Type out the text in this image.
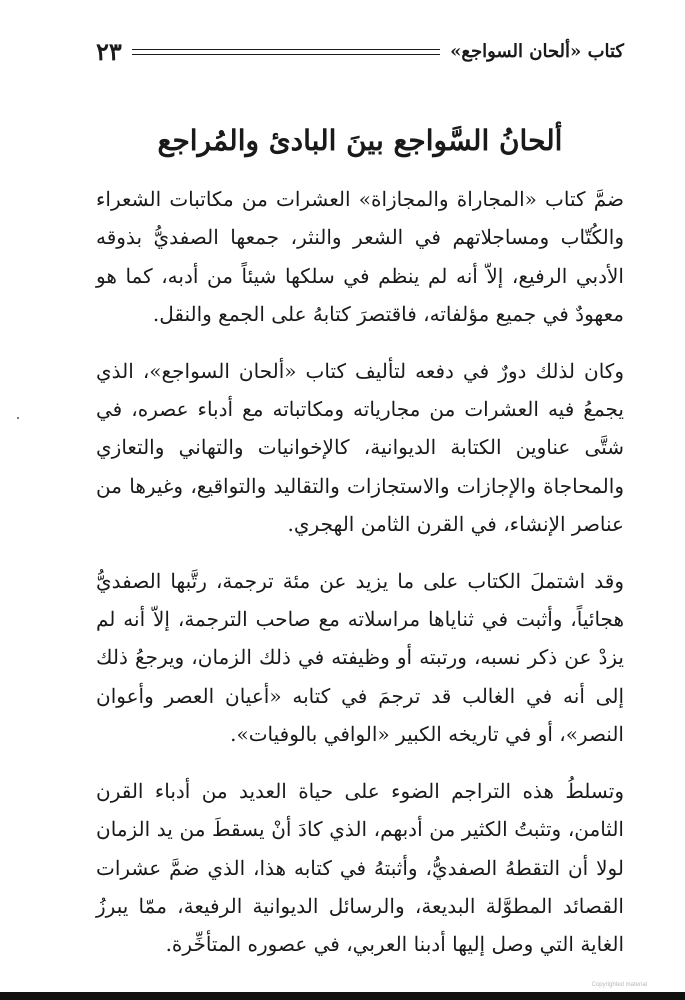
كتاب «ألحان السواجع»
٢٣
ألحانُ السَّواجع بينَ البادئ والمُراجع

ضمَّ كتاب «المجاراة والمجازاة» العشرات من مكاتبات الشعراء والكُتّاب ومساجلاتهم في الشعر والنثر، جمعها الصفديُّ بذوقه الأدبي الرفيع، إلاّ أنه لم ينظم في سلكها شيئاً من أدبه، كما هو معهودٌ في جميع مؤلفاته، فاقتصرَ كتابهُ على الجمع والنقل.

وكان لذلك دورٌ في دفعه لتأليف كتاب «ألحان السواجع»، الذي يجمعُ فيه العشرات من مجارياته ومكاتباته مع أدباء عصره، في شتَّى عناوين الكتابة الديوانية، كالإخوانيات والتهاني والتعازي والمحاجاة والإجازات والاستجازات والتقاليد والتواقيع، وغيرها من عناصر الإنشاء، في القرن الثامن الهجري.

وقد اشتملَ الكتاب على ما يزيد عن مئة ترجمة، رتَّبها الصفديُّ هجائياً، وأثبت في ثناياها مراسلاته مع صاحب الترجمة، إلاّ أنه لم يزدْ عن ذكر نسبه، ورتبته أو وظيفته في ذلك الزمان، ويرجعُ ذلك إلى أنه في الغالب قد ترجمَ في كتابه «أعيان العصر وأعوان النصر»، أو في تاريخه الكبير «الوافي بالوفيات».

وتسلطُ هذه التراجم الضوء على حياة العديد من أدباء القرن الثامن، وتثبتُ الكثير من أدبهم، الذي كادَ أنْ يسقطَ من يد الزمان لولا أن التقطهُ الصفديُّ، وأثبتهُ في كتابه هذا، الذي ضمَّ عشرات القصائد المطوَّلة البديعة، والرسائل الديوانية الرفيعة، ممّا يبرزُ الغاية التي وصل إليها أدبنا العربي، في عصوره المتأخِّرة.

Copyrighted material
